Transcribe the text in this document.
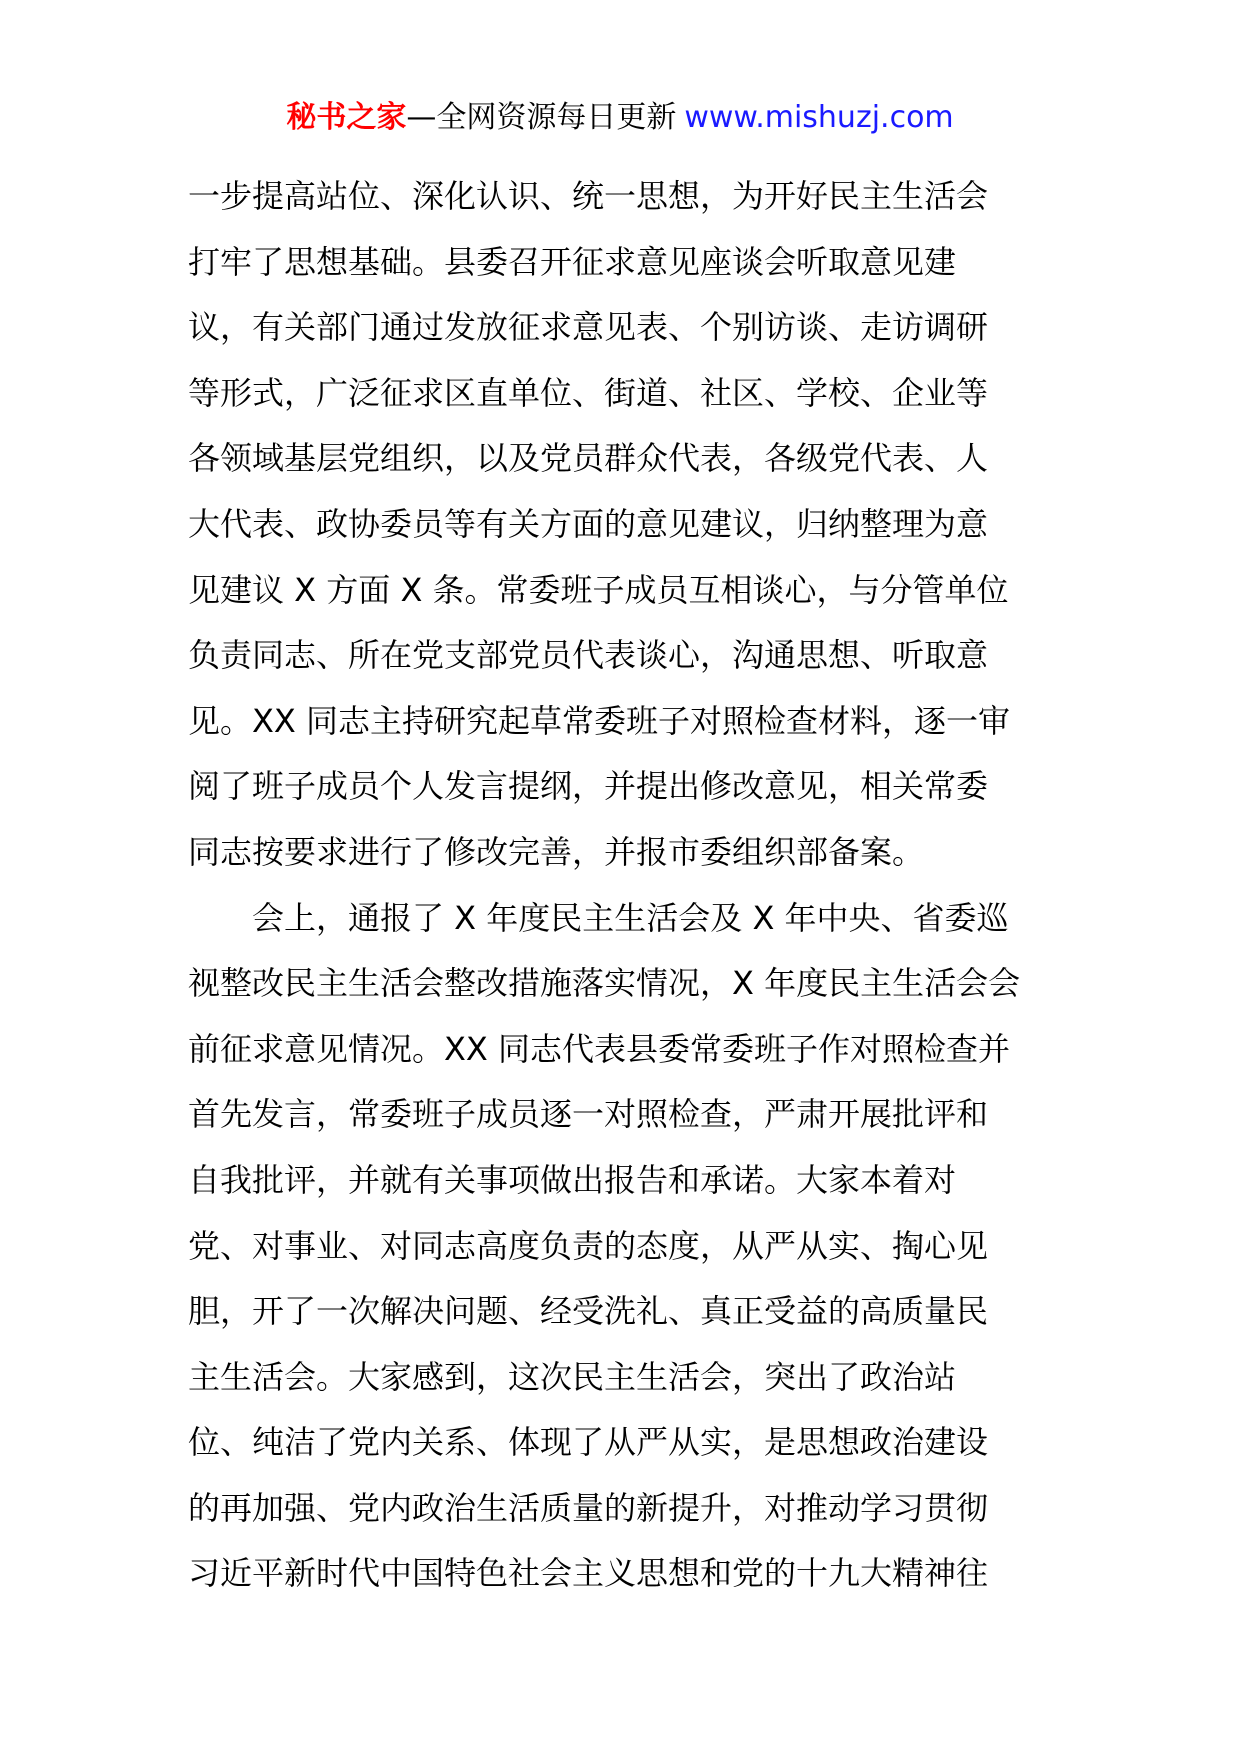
秘书之家—全网资源每日更新 www.mishuzj.com
一步提高站位、深化认识、统一思想，为开好民主生活会
打牢了思想基础。县委召开征求意见座谈会听取意见建
议，有关部门通过发放征求意见表、个别访谈、走访调研
等形式，广泛征求区直单位、街道、社区、学校、企业等
各领域基层党组织，以及党员群众代表，各级党代表、人
大代表、政协委员等有关方面的意见建议，归纳整理为意
见建议 X 方面 X 条。常委班子成员互相谈心，与分管单位
负责同志、所在党支部党员代表谈心，沟通思想、听取意
见。XX 同志主持研究起草常委班子对照检查材料，逐一审
阅了班子成员个人发言提纲，并提出修改意见，相关常委
同志按要求进行了修改完善，并报市委组织部备案。
会上，通报了 X 年度民主生活会及 X 年中央、省委巡
视整改民主生活会整改措施落实情况，X 年度民主生活会会
前征求意见情况。XX 同志代表县委常委班子作对照检查并
首先发言，常委班子成员逐一对照检查，严肃开展批评和
自我批评，并就有关事项做出报告和承诺。大家本着对
党、对事业、对同志高度负责的态度，从严从实、掏心见
胆，开了一次解决问题、经受洗礼、真正受益的高质量民
主生活会。大家感到，这次民主生活会，突出了政治站
位、纯洁了党内关系、体现了从严从实，是思想政治建设
的再加强、党内政治生活质量的新提升，对推动学习贯彻
习近平新时代中国特色社会主义思想和党的十九大精神往
